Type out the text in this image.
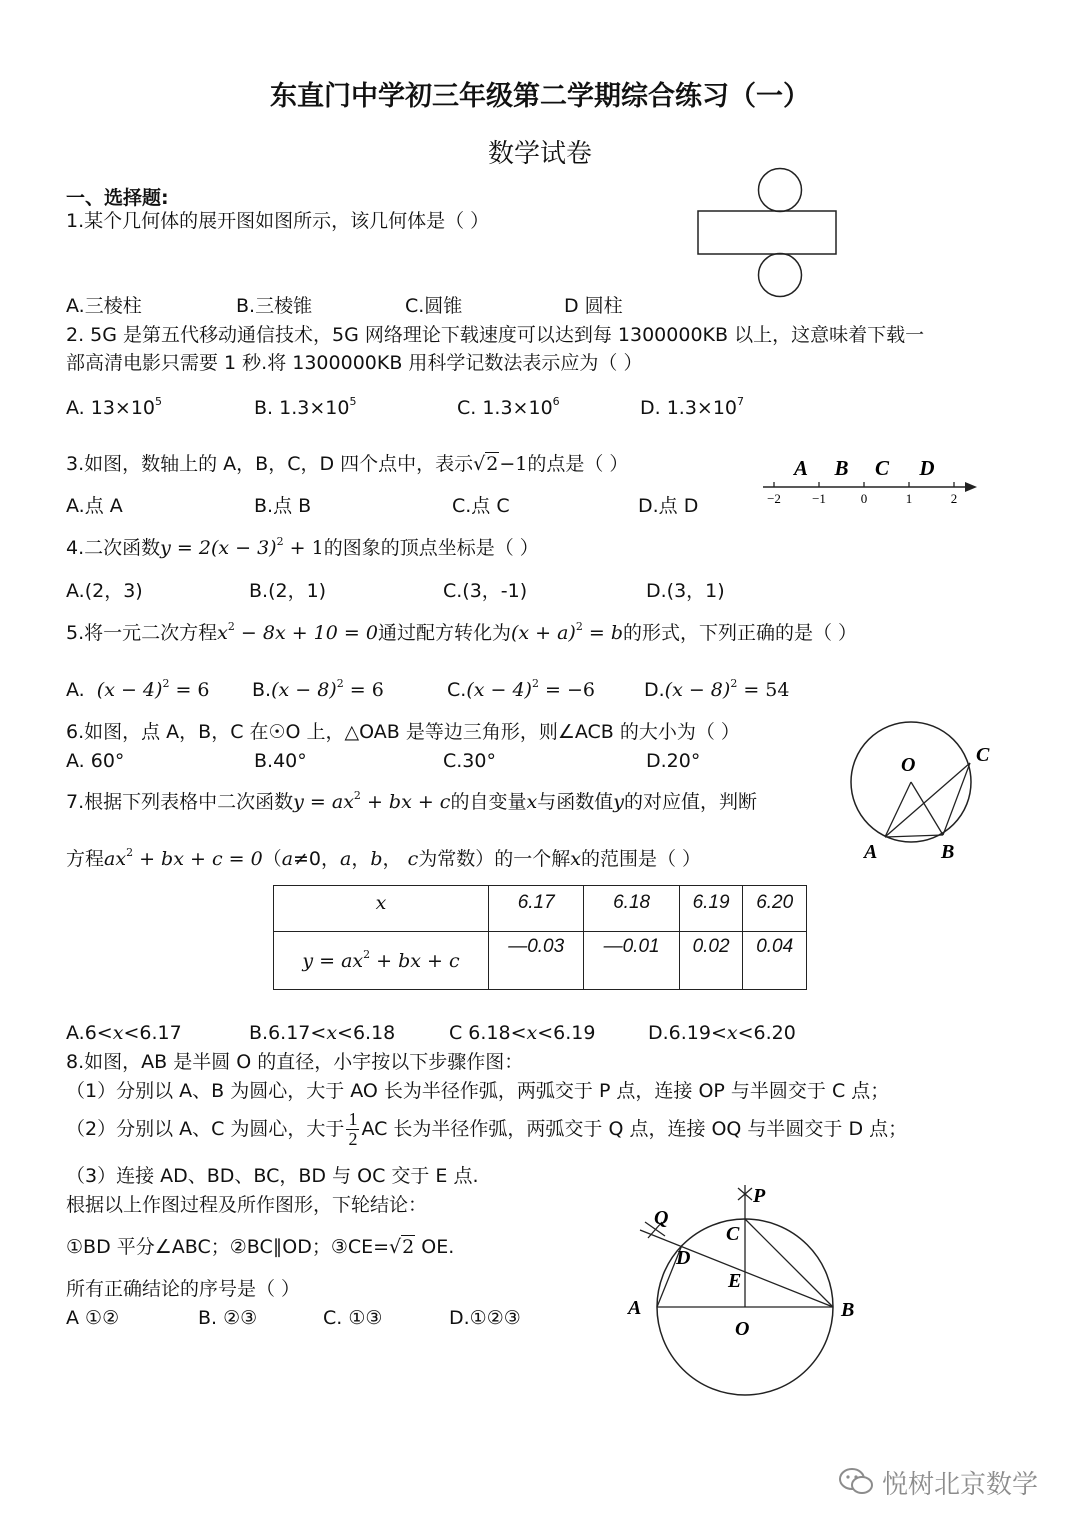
东直门中学初三年级第二学期综合练习（一）
数学试卷
一、选择题:
1.某个几何体的展开图如图所示，该几何体是（ ）
A.三棱柱	B.三棱锥	C.圆锥	D 圆柱
2. 5G 是第五代移动通信技术，5G 网络理论下载速度可以达到每 1300000KB 以上，这意味着下载一
部高清电影只需要 1 秒.将 1300000KB 用科学记数法表示应为（ ）
A. $13\times 10^5$	B. $1.3\times 10^5$	C. $1.3\times 10^6$	D. $1.3\times 10^7$
3.如图，数轴上的 A，B，C，D 四个点中，表示√2−1的点是（ ）
A.点 A	B.点 B	C.点 C	D.点 D	−2 −1	0	1	2
A B C D
4.二次函数$y = 2(x - 3)^2 + 1$的图象的顶点坐标是（ ）
A.(2，3)	B.(2，1)	C.(3，-1)	D.(3，1)
5.将一元二次方程$x^2 - 8x + 10 = 0$通过配方转化为$(x + a)^2 = b$的形式，下列正确的是（ ）
A. $(x - 4)^2 = 6$ $B.(x - 8)^2 = 6$	$C.(x - 4)^2 = -6$	$D.(x - 8)^2 = 54$
6.如图，点 A，B，C 在☉O 上，△OAB 是等边三角形，则∠ACB 的大小为（ ）
A. 60°	B.40°	C.30°	D.20°	O	C
A	B
7.根据下列表格中二次函数$y = ax^2$ + bx + c的自变量x与函数值y的对应值，判断
方程$ax^2$ + bx + c = 0（a≠0，a，b， c为常数）的一个解x的范围是（ ）
x	6.17	6.18	6.19	6.20
$y = ax^2$ + bx + c	—0.03	—0.01	0.02	0.04
A.6<x<6.17	B.6.17<x<6.18	C 6.18<x<6.19	D.6.19<x<6.20
8.如图，AB 是半圆 O 的直径，小宇按以下步骤作图：
（1）分别以 A、B 为圆心，大于 AO 长为半径作弧，两弧交于 P 点，连接 OP 与半圆交于 C 点；
（2）分别以 A、C 为圆心，大于 $\frac{1}{2}$ AC 长为半径作弧，两弧交于 Q 点，连接 OQ 与半圆交于 D 点；
（3）连接 AD、BD、BC，BD 与 OC 交于 E 点.
根据以上作图过程及所作图形，下轮结论：
①BD 平分∠ABC；②BC∥OD；③CE=√2 OE.
所有正确结论的序号是（ ）
A ①②	B. ②③	C. ①③	D.①②③
P
Q
C
D
E
A	B
O
悦树北京数学
